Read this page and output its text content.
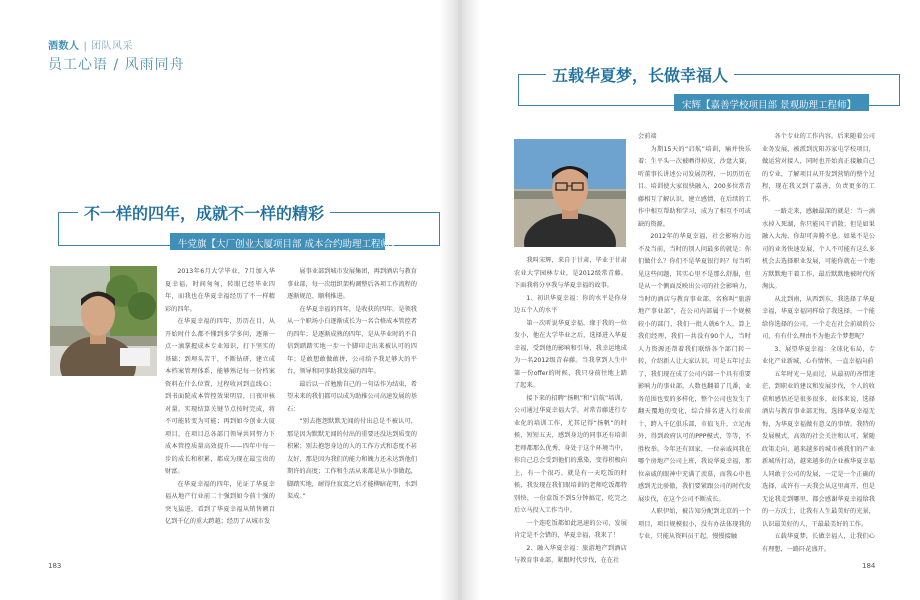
酒数人 | 团队风采
员工心语 / 风雨同舟
不一样的四年，成就不一样的精彩
牛党旗【大厂创业大厦项目部 成本合约助理工程师】

2013年6月大学毕业，7月加入华夏幸福，时间匆匆，转眼已经毕业四年，而我也在华夏幸福经历了不一样精彩的四年。

在华夏幸福的四年，历历在目，从开始时什么都不懂到多学多问，逐渐一点一滴掌握成本专业知识，打下坚实的基础；到埋头苦干，不断钻研，建立成本档案管理体系，能够熟记每一份档案资料在什么位置，过程收河到直线心；到书面院成本管控效果明显，日夜审核对量，实现结算关键节点按时完成，将不可能转变为可能；再到如今创业大厦项目，在项目总各部门领导共同努力下成本管控质量高效提升——四年中每一步的成长和积累，都成为现在最宝贵的财富。

在华夏幸福的四年，见证了华夏幸福从地产行业前二十强到如今前十强的突飞猛进，看到了华夏幸福从销售额百亿到千亿的重大跨越；经历了从城市发

展事业部到城市发展集团，再到酒店与教育事业部，每一次组织架构调整后各项工作流程的逐渐规范、顺利推进。

在华夏幸福的四年，是收获的四年。是领我从一个职场小白逐渐成长为一名合格成本管控者的四年；是逐渐成熟的四年，是从毕业时的不自信到踏踏实地一步一个脚印走出来被认可的四年；是敢想敢做敢拼，公司给予我足够大的平台，领导和同事助我发展的四年。

最后以一首勉励自己的一句话作为结束，希望未来的我们都可以成为助推公司高速发展的基石：

“别去抱怨默默无闻的付出总是不被认可，那是因为默默无闻的付出的重要还没达到质变的积累；别去抱怨身边的人的工作方式和态度不甚友好，那是因为我们的能力和魄力还未达到他们期许的高度；工作和生活从来都是从小事做起，脚踏实地，耐得住寂寞之后才能柳暗花明，水到渠成。”

183
五载华夏梦，长做幸福人
宋辉【嘉善学校项目部 景观助理工程师】

我叫宋辉，来自于甘肃，毕业于甘肃农业大学园林专业，是2012级常青藤。下面我将分享我与华夏幸福的故事。

1、初识华夏幸福：你的水平是你身边五个人的水平

第一次听说华夏幸福，缘于我的一位发小，他在大学毕业之后，选择进入华夏幸福，受到他的影响和引导，我幸运地成为一名2012级青春藤。当我拿到人生中第一份offer的时候，我只身前往地上踏了起来。

接下来的招聘“扬帆”和“启航”培训，公司通过华夏幸福大学，对常青藤进行专业化的培训工作，尤其记得“扬帆”的时候，短短五天，感到身边的同事还有培训老师都那么优秀，身处于这个环境当中，你自己总会受到他们的熏染，变得积极向上，有一个很巧、就是有一天吃饭的时候，我发现在我们眼培训的老师吃饭都特别快，一份盒饭不到5分钟搞定，吃完之后立马投入工作当中。

一个连吃饭都如此迅速的公司，发展肯定是不会错的，华夏幸福，我来了！

2、融入华夏幸福：旅游地产到酒店与教育事业部，紧跟时代步伐，在在社

会前端

为期15天的“启航”培训，痛并快乐着：生平头一次被晒得掉皮，沙盘大赛，听董事长讲述公司发展历程，一切历历在目。培训使大家很快融入，200多位常青藤相互了解认识，建立感情，在后续的工作中相互帮助和学习，成为了相互不可或缺的资源。

2012年的华夏幸福，社会影响力远不及当前，当时的别人问最多的就是：你们做什么？你们不是华夏银行吗？每当听见这些问题，其实心里不是那么舒服，但是从一个侧面反映出公司的社会影响力，当时的酒店与教育事业部，名称叫“旅游地产事业部”，在公司内部属于一个规模较小的部门，我们一批人就6个人，算上我们经理，我们一共没有90个人，当时人力资源还帮着我们联络各个部门转一转，介绍新人让大家认识。可是五年过去了，我们现在成了公司内部一个具有重要影响力的事业部，人数也翻着了几番，业务范围也变的多样化，整个公司也发生了翻天覆地的变化，综合排名进入行业前十，跨入千亿俱乐部，市值飞升，立足海外，得到政府认可的PPP模式，等等，不胜枚举。今年还有回家，一位亲戚问我在哪个房地产公司上班，我说华夏幸福，那位亲戚的眼神中充满了羡慕，而我心中也感到无比骄傲，我们要紧跟公司的时代发展步伐，在这个公司不断成长。

人职伊始，被告知分配到北京的一个项目，项目规模很小，没有办法体现我的专业，只能从资料员干起，慢慢接触

各个专业的工作内容。后来随着公司业务发展，被派到沈阳苏家屯学校项目，做运营对接人，同时也开始真正接触自己的专业，了解项目从开发到营销的整个过程，现在我又到了嘉善，负责更多的工作。

一路走来，感触最深的就是：当一滴水掉入死湖，你只能风干消散；但是如果融入大海，你却可奔腾不息。如果不是公司的业务快速发展，个人不可能有这么多机会去选择职业发展，可能你就在一个地方默默地干着工作，最后默默地被时代所淘汰。

从北到南，从西到东，我选择了华夏幸福，华夏幸福同样给了我选择，一个能给你选择的公司，一个走在社会前端的公司，有有什么理由不为他去个梦想呢？

3、展望华夏幸福：全球化布局，专业化产业新城，心有情怀，一直幸福向前

五年时光一晃而过，从最初的吝惜迷茫，到职业的建议和发展步伐，个人的收获和感悟还是很多很多，业体来说，选择酒店与教育事业部无悔，选择华夏幸福无悔，为华夏幸福做有意义的事情。我特的发展模式，高效的社会关注和认可，紧随政策走向，越来越多的城市被我们的产业新城所打动，越来越多的企业被华夏幸福人同敢于公司的发展，一定是一个正确的选择，或许有一天我会从这里离开，但是无论我走到哪里，都会感谢华夏幸福给我的一方沃土，让我有人生最美好的光景，认识最美好的人，干最最美好的工作。

五载华夏梦，长做幸福人，让我们心有理想，一路阡花盛开。

184
